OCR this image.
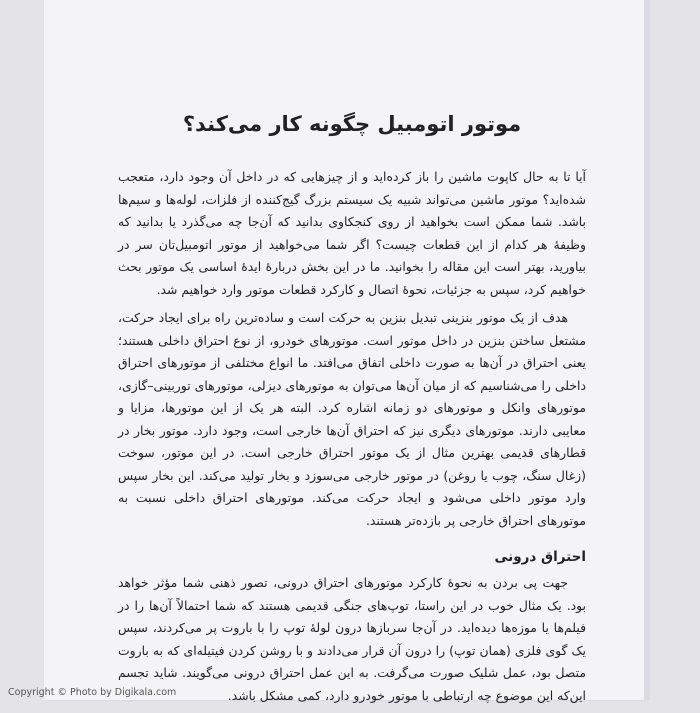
موتور اتومبیل چگونه کار می‌کند؟

آیا تا به حال کاپوت ماشین را باز کرده‌اید و از چیزهایی که در داخل آن وجود دارد، متعجب شده‌اید؟ موتور ماشین می‌تواند شبیه یک سیستم بزرگ گیج‌کننده از فلزات، لوله‌ها و سیم‌ها باشد. شما ممکن است بخواهید از روی کنجکاوی بدانید که آن‌جا چه می‌گذرد یا بدانید که وظیفهٔ هر کدام از این قطعات چیست؟ اگر شما می‌خواهید از موتور اتومبیل‌تان سر در بیاورید، بهتر است این مقاله را بخوانید. ما در این بخش دربارهٔ ایدهٔ اساسی یک موتور بحث خواهیم کرد، سپس به جزئیات، نحوهٔ اتصال و کارکرد قطعات موتور وارد خواهیم شد.

هدف از یک موتور بنزینی تبدیل بنزین به حرکت است و ساده‌ترین راه برای ایجاد حرکت، مشتعل ساختن بنزین در داخل موتور است. موتورهای خودرو، از نوع احتراق داخلی هستند؛ یعنی احتراق در آن‌ها به صورت داخلی اتفاق می‌افتد. ما انواع مختلفی از موتورهای احتراق داخلی را می‌شناسیم که از میان آن‌ها می‌توان به موتورهای دیزلی، موتورهای توربینی–گازی، موتورهای وانکل و موتورهای دو زمانه اشاره کرد. البته هر یک از این موتورها، مزایا و معایبی دارند. موتورهای دیگری نیز که احتراق آن‌ها خارجی است، وجود دارد. موتور بخار در قطارهای قدیمی بهترین مثال از یک موتور احتراق خارجی است. در این موتور، سوخت (زغال سنگ، چوب یا روغن) در موتور خارجی می‌سوزد و بخار تولید می‌کند. این بخار سپس وارد موتور داخلی می‌شود و ایجاد حرکت می‌کند. موتورهای احتراق داخلی نسبت به موتورهای احتراق خارجی پر بازده‌تر هستند.

احتراق درونی

جهت پی بردن به نحوهٔ کارکرد موتورهای احتراق درونی، تصور ذهنی شما مؤثر خواهد بود. یک مثال خوب در این راستا، توپ‌های جنگی قدیمی هستند که شما احتمالاً آن‌ها را در فیلم‌ها یا موزه‌ها دیده‌اید. در آن‌جا سربازها درون لولهٔ توپ را با باروت پر می‌کردند، سپس یک گوی فلزی (همان توپ) را درون آن قرار می‌دادند و با روشن کردن فیتیله‌ای که به باروت متصل بود، عمل شلیک صورت می‌گرفت. به این عمل احتراق درونی می‌گویند. شاید تجسم این‌که این موضوع چه ارتباطی با موتور خودرو دارد، کمی مشکل باشد.

Copyright © Photo by Digikala.com
